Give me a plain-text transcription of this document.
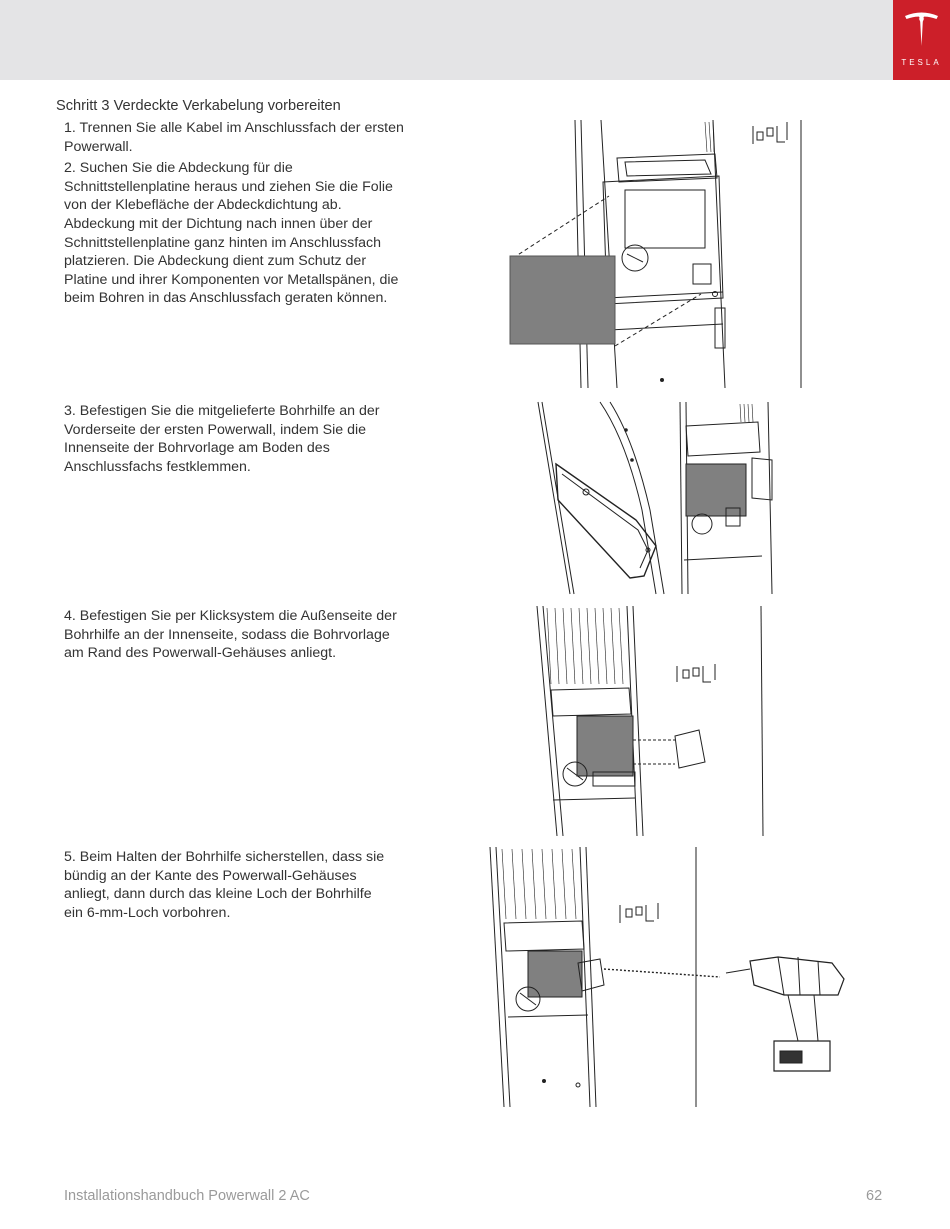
TESLA
Schritt 3 Verdeckte Verkabelung vorbereiten

1. Trennen Sie alle Kabel im Anschlussfach der ersten Powerwall.

2. Suchen Sie die Abdeckung für die Schnittstellenplatine heraus und ziehen Sie die Folie von der Klebefläche der Abdeckdichtung ab. Abdeckung mit der Dichtung nach innen über der Schnittstellenplatine ganz hinten im Anschlussfach platzieren. Die Abdeckung dient zum Schutz der Platine und ihrer Komponenten vor Metallspänen, die beim Bohren in das Anschlussfach geraten können.

3. Befestigen Sie die mitgelieferte Bohrhilfe an der Vorderseite der ersten Powerwall, indem Sie die Innenseite der Bohrvorlage am Boden des Anschlussfachs festklemmen.

4. Befestigen Sie per Klicksystem die Außenseite der Bohrhilfe an der Innenseite, sodass die Bohrvorlage am Rand des Powerwall-Gehäuses anliegt.

5. Beim Halten der Bohrhilfe sicherstellen, dass sie bündig an der Kante des Powerwall-Gehäuses anliegt, dann durch das kleine Loch der Bohrhilfe ein 6-mm-Loch vorbohren.

Installationshandbuch Powerwall 2 AC	62
